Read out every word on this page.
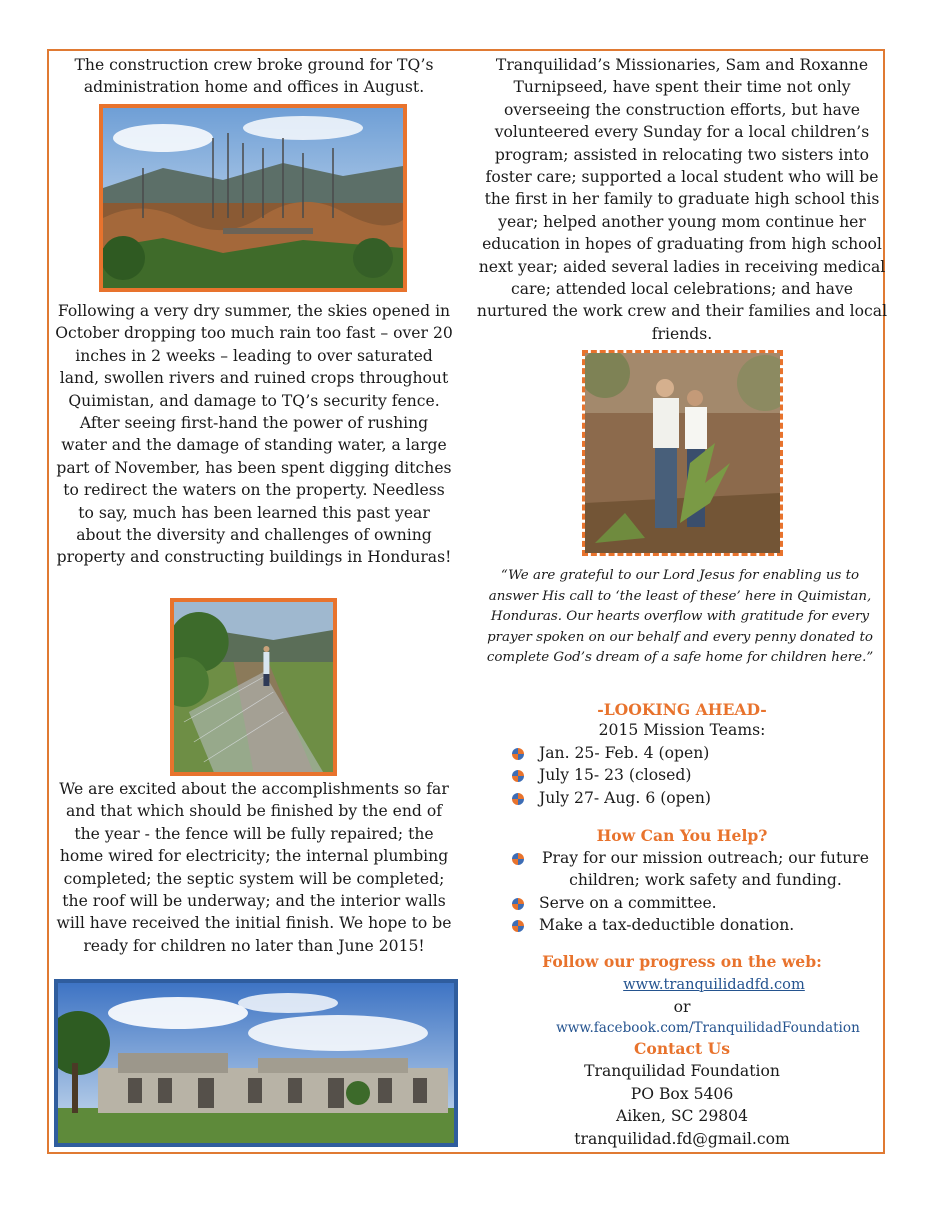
The construction crew broke ground for TQ’s administration home and offices in August.

Following a very dry summer, the skies opened in October dropping too much rain too fast – over 20 inches in 2 weeks – leading to over saturated land, swollen rivers and ruined crops throughout Quimistan, and damage to TQ’s security fence. After seeing first-hand the power of rushing water and the damage of standing water, a large part of November, has been spent digging ditches to redirect the waters on the property. Needless to say, much has been learned this past year about the diversity and challenges of owning property and constructing buildings in Honduras!

We are excited about the accomplishments so far and that which should be finished by the end of the year - the fence will be fully repaired; the home wired for electricity; the internal plumbing completed; the septic system will be completed; the roof will be underway; and the interior walls will have received the initial finish. We hope to be ready for children no later than June 2015!

Tranquilidad’s Missionaries, Sam and Roxanne Turnipseed, have spent their time not only overseeing the construction efforts, but have volunteered every Sunday for a local children’s program; assisted in relocating two sisters into foster care; supported a local student who will be the first in her family to graduate high school this year; helped another young mom continue her education in hopes of graduating from high school next year; aided several ladies in receiving medical care; attended local celebrations; and have nurtured the work crew and their families and local friends.

“We are grateful to our Lord Jesus for enabling us to answer His call to ‘the least of these’ here in Quimistan, Honduras. Our hearts overflow with gratitude for every prayer spoken on our behalf and every penny donated to complete God’s dream of a safe home for children here.”

-LOOKING AHEAD-
2015 Mission Teams:
Jan. 25- Feb. 4 (open)
July 15- 23 (closed)
July 27- Aug. 6 (open)
How Can You Help?
Pray for our mission outreach; our future children; work safety and funding.
Serve on a committee.
Make a tax-deductible donation.
Follow our progress on the web:
www.tranquilidadfd.com
or
www.facebook.com/TranquilidadFoundation
Contact Us
Tranquilidad Foundation
PO Box 5406
Aiken, SC 29804
tranquilidad.fd@gmail.com
